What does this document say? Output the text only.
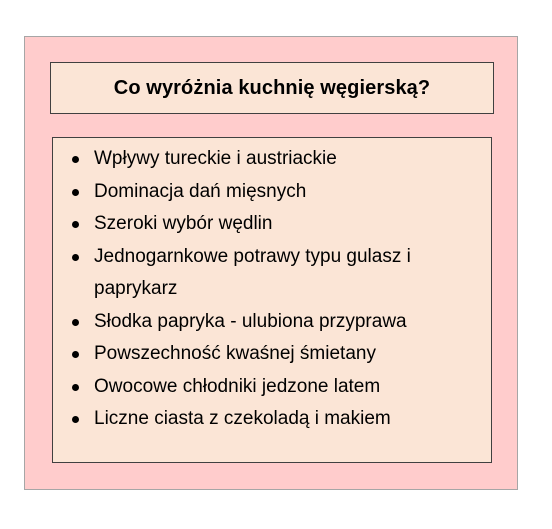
Co wyróżnia kuchnię węgierską?
Wpływy tureckie i austriackie
Dominacja dań mięsnych
Szeroki wybór wędlin
Jednogarnkowe potrawy typu gulasz i paprykarz
Słodka papryka - ulubiona przyprawa
Powszechność kwaśnej śmietany
Owocowe chłodniki jedzone latem
Liczne ciasta z czekoladą i makiem
